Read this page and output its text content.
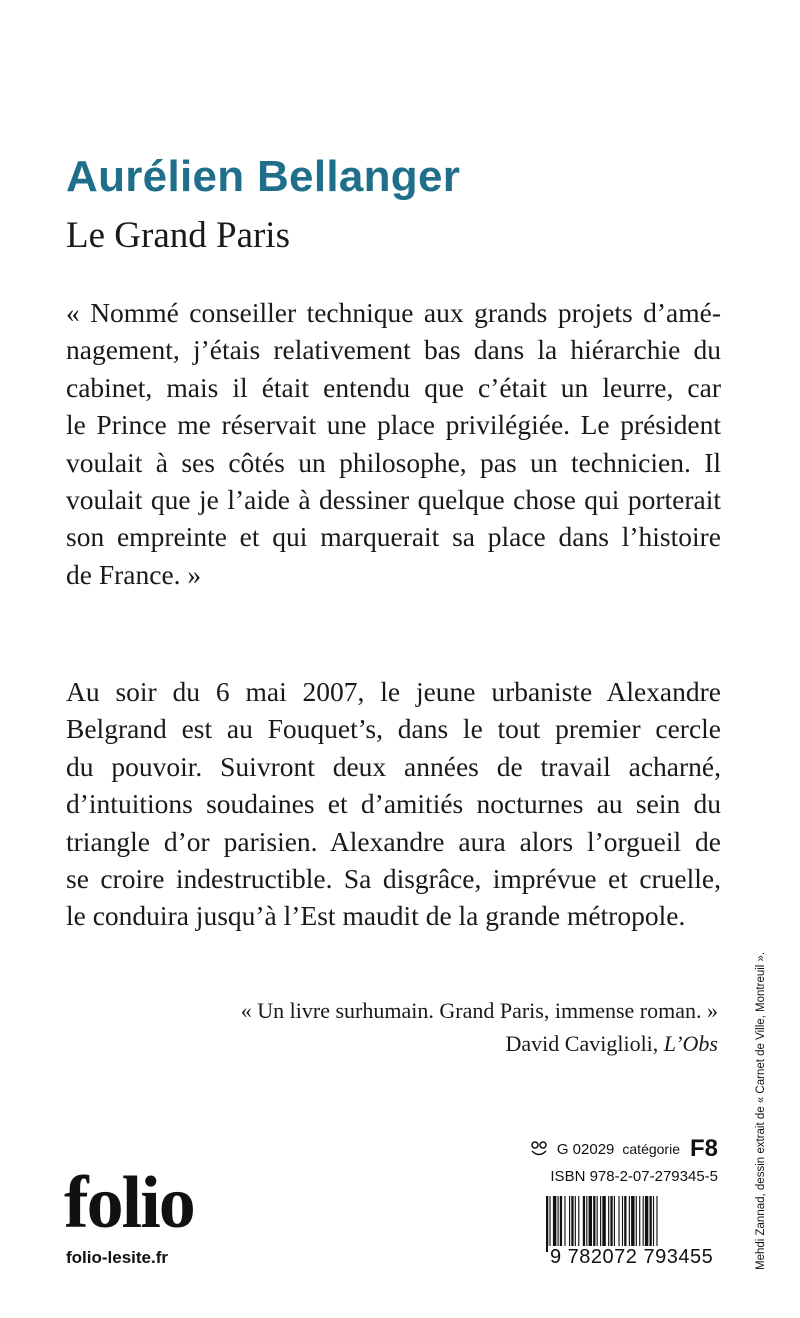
Aurélien Bellanger
Le Grand Paris
« Nommé conseiller technique aux grands projets d’amé-
nagement, j’étais relativement bas dans la hiérarchie du
cabinet, mais il était entendu que c’était un leurre, car
le Prince me réservait une place privilégiée. Le président
voulait à ses côtés un philosophe, pas un technicien. Il
voulait que je l’aide à dessiner quelque chose qui porterait
son empreinte et qui marquerait sa place dans l’histoire
de France. »
Au soir du 6 mai 2007, le jeune urbaniste Alexandre
Belgrand est au Fouquet’s, dans le tout premier cercle
du pouvoir. Suivront deux années de travail acharné,
d’intuitions soudaines et d’amitiés nocturnes au sein du
triangle d’or parisien. Alexandre aura alors l’orgueil de
se croire indestructible. Sa disgrâce, imprévue et cruelle,
le conduira jusqu’à l’Est maudit de la grande métropole.
« Un livre surhumain. Grand Paris, immense roman. »
David Caviglioli, L’Obs
G 02029 catégorie F8
ISBN 978-2-07-279345-5
9 782072 793455
folio
folio-lesite.fr	Mehdi Zannad, dessin extrait de « Carnet de Ville, Montreuil ».
